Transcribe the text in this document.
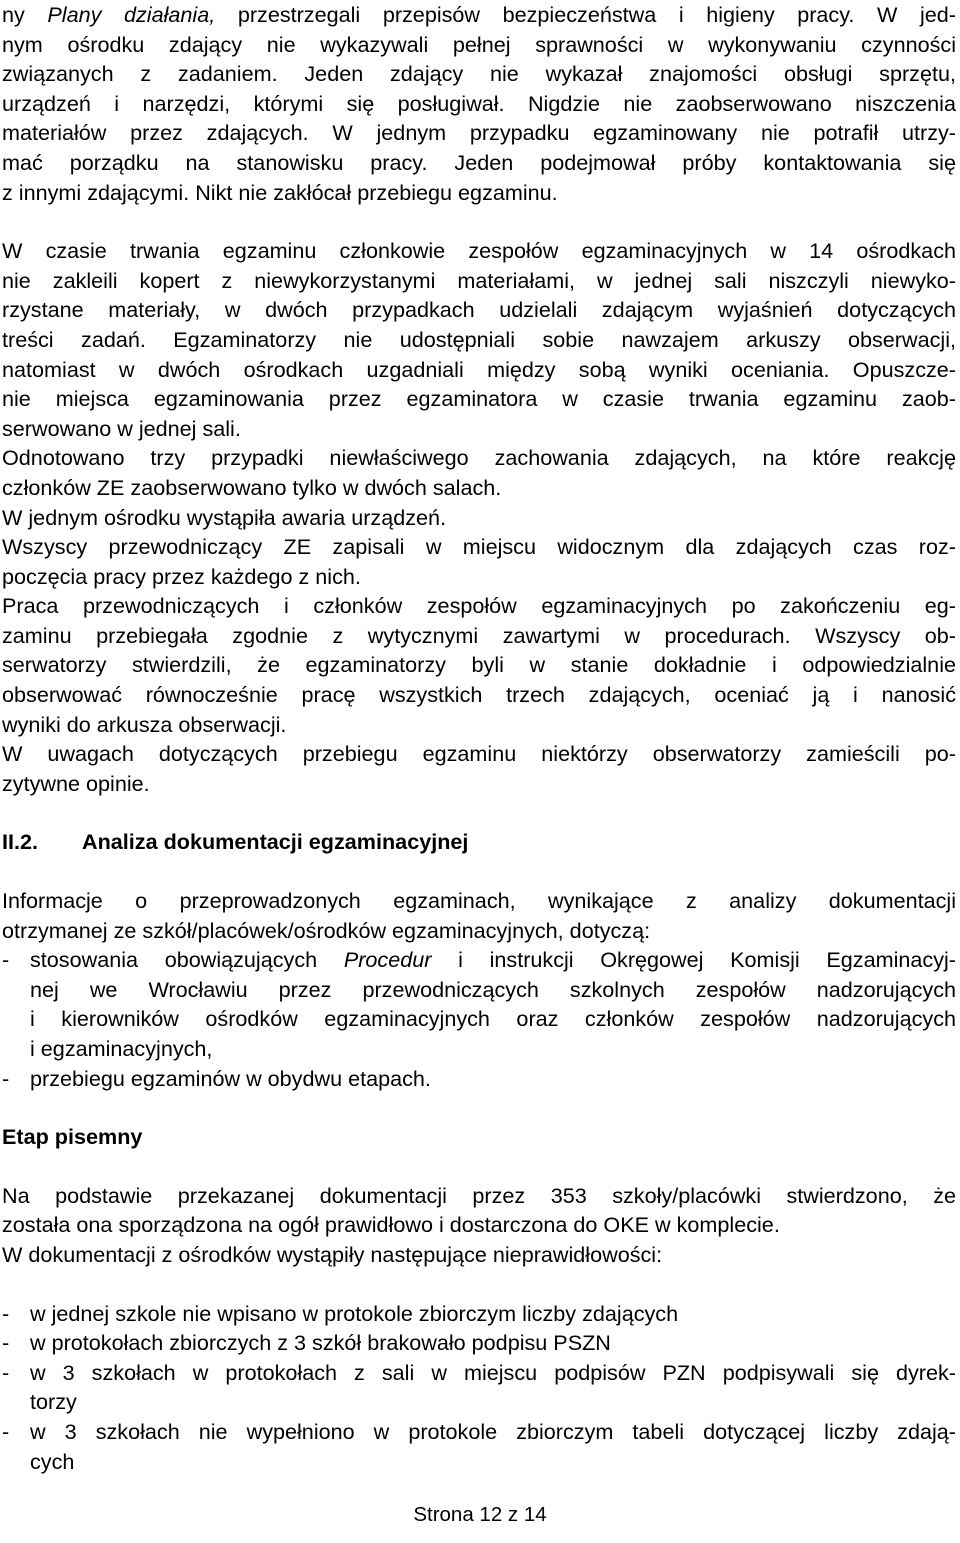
ny Plany działania, przestrzegali przepisów bezpieczeństwa i higieny pracy. W jed-
nym ośrodku zdający nie wykazywali pełnej sprawności w wykonywaniu czynności
związanych z zadaniem. Jeden zdający nie wykazał znajomości obsługi sprzętu,
urządzeń i narzędzi, którymi się posługiwał. Nigdzie nie zaobserwowano niszczenia
materiałów przez zdających. W jednym przypadku egzaminowany nie potrafił utrzy-
mać porządku na stanowisku pracy. Jeden podejmował próby kontaktowania się
z innymi zdającymi. Nikt nie zakłócał przebiegu egzaminu.
W czasie trwania egzaminu członkowie zespołów egzaminacyjnych w 14 ośrodkach
nie zakleili kopert z niewykorzystanymi materiałami, w jednej sali niszczyli niewyko-
rzystane materiały, w dwóch przypadkach udzielali zdającym wyjaśnień dotyczących
treści zadań. Egzaminatorzy nie udostępniali sobie nawzajem arkuszy obserwacji,
natomiast w dwóch ośrodkach uzgadniali między sobą wyniki oceniania. Opuszcze-
nie miejsca egzaminowania przez egzaminatora w czasie trwania egzaminu zaob-
serwowano w jednej sali.
Odnotowano trzy przypadki niewłaściwego zachowania zdających, na które reakcję
członków ZE zaobserwowano tylko w dwóch salach.
W jednym ośrodku wystąpiła awaria urządzeń.
Wszyscy przewodniczący ZE zapisali w miejscu widocznym dla zdających czas roz-
poczęcia pracy przez każdego z nich.
Praca przewodniczących i członków zespołów egzaminacyjnych po zakończeniu eg-
zaminu przebiegała zgodnie z wytycznymi zawartymi w procedurach. Wszyscy ob-
serwatorzy stwierdzili, że egzaminatorzy byli w stanie dokładnie i odpowiedzialnie
obserwować równocześnie pracę wszystkich trzech zdających, oceniać ją i nanosić
wyniki do arkusza obserwacji.
W uwagach dotyczących przebiegu egzaminu niektórzy obserwatorzy zamieścili po-
zytywne opinie.
II.2. Analiza dokumentacji egzaminacyjnej
Informacje o przeprowadzonych egzaminach, wynikające z analizy dokumentacji
otrzymanej ze szkół/placówek/ośrodków egzaminacyjnych, dotyczą:
- stosowania obowiązujących Procedur i instrukcji Okręgowej Komisji Egzaminacyj-
nej we Wrocławiu przez przewodniczących szkolnych zespołów nadzorujących
i kierowników ośrodków egzaminacyjnych oraz członków zespołów nadzorujących
i egzaminacyjnych,
- przebiegu egzaminów w obydwu etapach.
Etap pisemny
Na podstawie przekazanej dokumentacji przez 353 szkoły/placówki stwierdzono, że
została ona sporządzona na ogół prawidłowo i dostarczona do OKE w komplecie.
W dokumentacji z ośrodków wystąpiły następujące nieprawidłowości:
- w jednej szkole nie wpisano w protokole zbiorczym liczby zdających
- w protokołach zbiorczych z 3 szkół brakowało podpisu PSZN
- w 3 szkołach w protokołach z sali w miejscu podpisów PZN podpisywali się dyrek-
torzy
- w 3 szkołach nie wypełniono w protokole zbiorczym tabeli dotyczącej liczby zdają-
cych
Strona 12 z 14
